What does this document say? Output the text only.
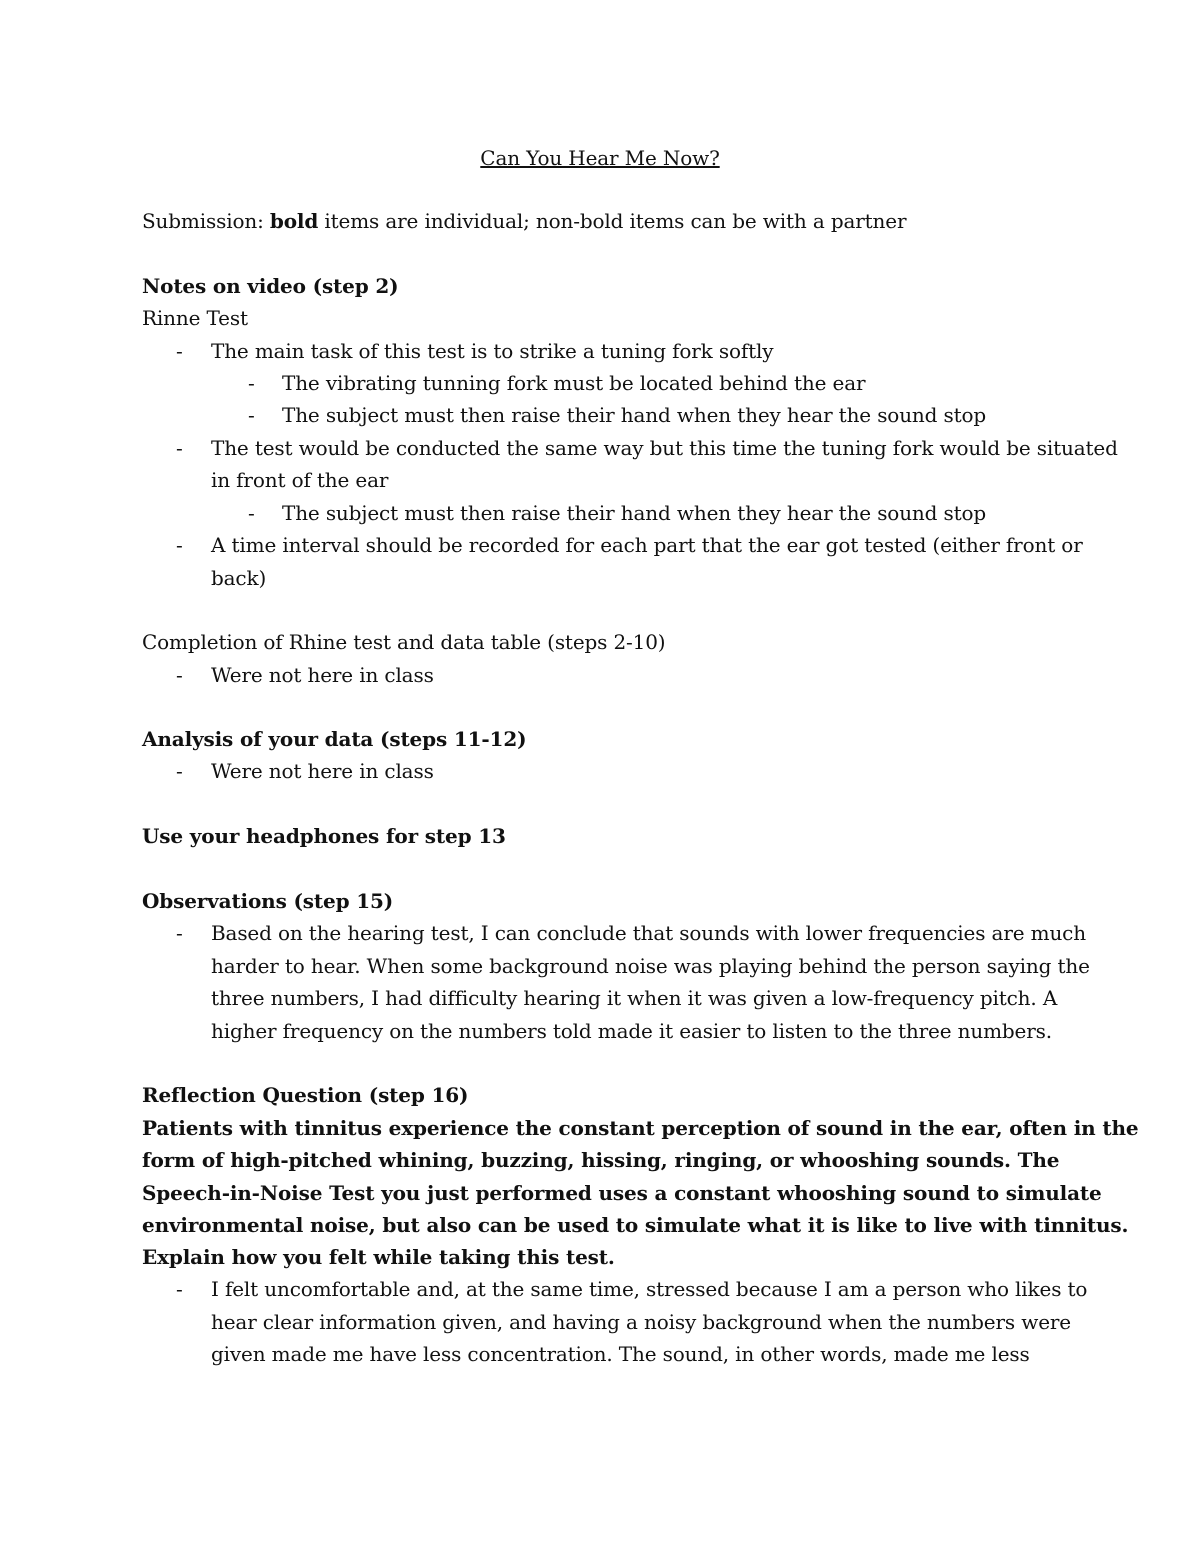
Can You Hear Me Now?
Submission: bold items are individual; non-bold items can be with a partner
Notes on video (step 2)
Rinne Test
- The main task of this test is to strike a tuning fork softly
- The vibrating tunning fork must be located behind the ear
- The subject must then raise their hand when they hear the sound stop
- The test would be conducted the same way but this time the tuning fork would be situated
in front of the ear
- The subject must then raise their hand when they hear the sound stop
- A time interval should be recorded for each part that the ear got tested (either front or
back)
Completion of Rhine test and data table (steps 2-10)
- Were not here in class
Analysis of your data (steps 11-12)
- Were not here in class
Use your headphones for step 13
Observations (step 15)
- Based on the hearing test, I can conclude that sounds with lower frequencies are much
harder to hear. When some background noise was playing behind the person saying the
three numbers, I had difficulty hearing it when it was given a low-frequency pitch. A
higher frequency on the numbers told made it easier to listen to the three numbers.
Reflection Question (step 16)
Patients with tinnitus experience the constant perception of sound in the ear, often in the
form of high-pitched whining, buzzing, hissing, ringing, or whooshing sounds. The
Speech-in-Noise Test you just performed uses a constant whooshing sound to simulate
environmental noise, but also can be used to simulate what it is like to live with tinnitus.
Explain how you felt while taking this test.
- I felt uncomfortable and, at the same time, stressed because I am a person who likes to
hear clear information given, and having a noisy background when the numbers were
given made me have less concentration. The sound, in other words, made me less
